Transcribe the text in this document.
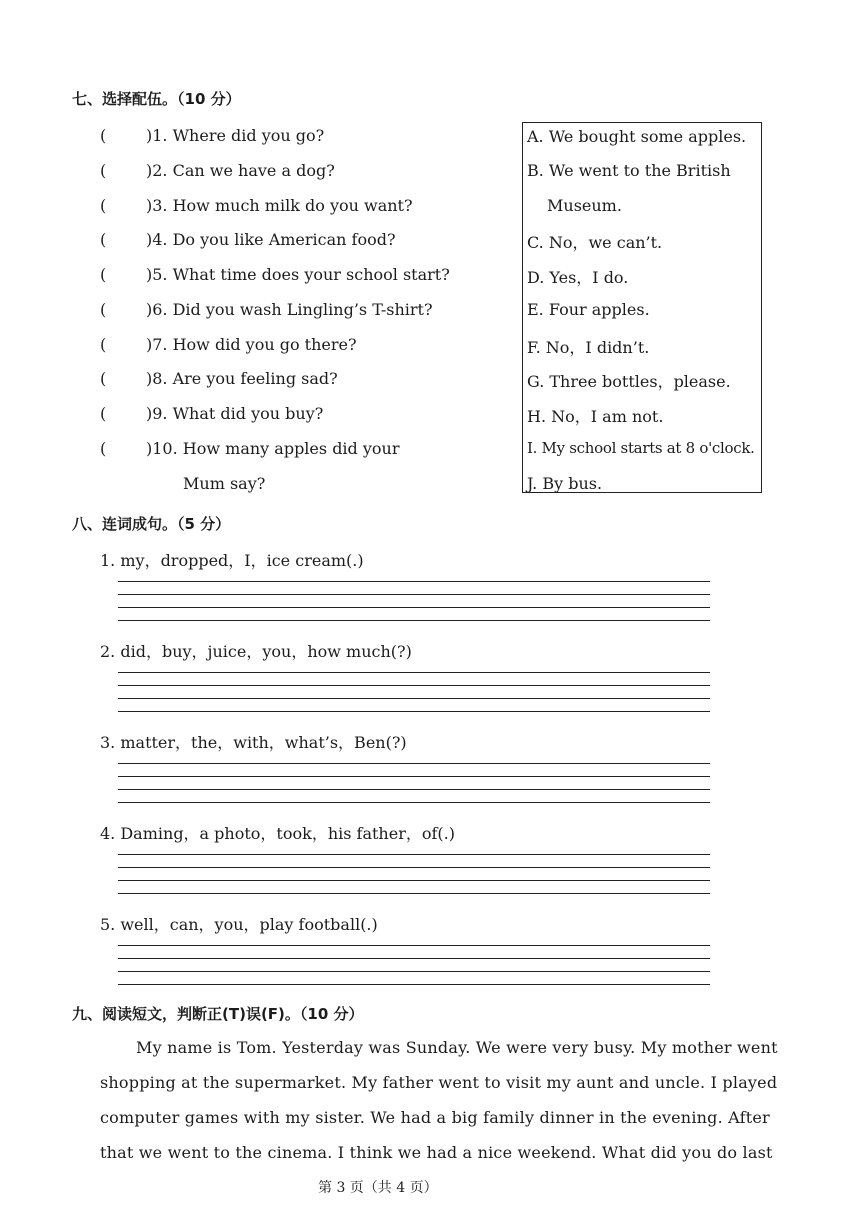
七、选择配伍。（10 分）
( )1. Where did you go?
( )2. Can we have a dog?
( )3. How much milk do you want?
( )4. Do you like American food?
( )5. What time does your school start?
( )6. Did you wash Lingling’s T-shirt?
( )7. How did you go there?
( )8. Are you feeling sad?
( )9. What did you buy?
( )10. How many apples did your
Mum say?
A. We bought some apples.
B. We went to the British
Museum.
C. No，we can’t.
D. Yes，I do.
E. Four apples.
F. No，I didn’t.
G. Three bottles，please.
H. No，I am not.
I. My school starts at 8 o'clock.
J. By bus.
八、连词成句。（5 分）
1. my，dropped，I，ice cream(.)
2. did，buy，juice，you，how much(?)
3. matter，the，with，what’s，Ben(?)
4. Daming，a photo，took，his father，of(.)
5. well，can，you，play football(.)
九、阅读短文，判断正(T)误(F)。（10 分）
My name is Tom. Yesterday was Sunday. We were very busy. My mother went
shopping at the supermarket. My father went to visit my aunt and uncle. I played
computer games with my sister. We had a big family dinner in the evening. After
that we went to the cinema. I think we had a nice weekend. What did you do last
第 3 页（共 4 页）
